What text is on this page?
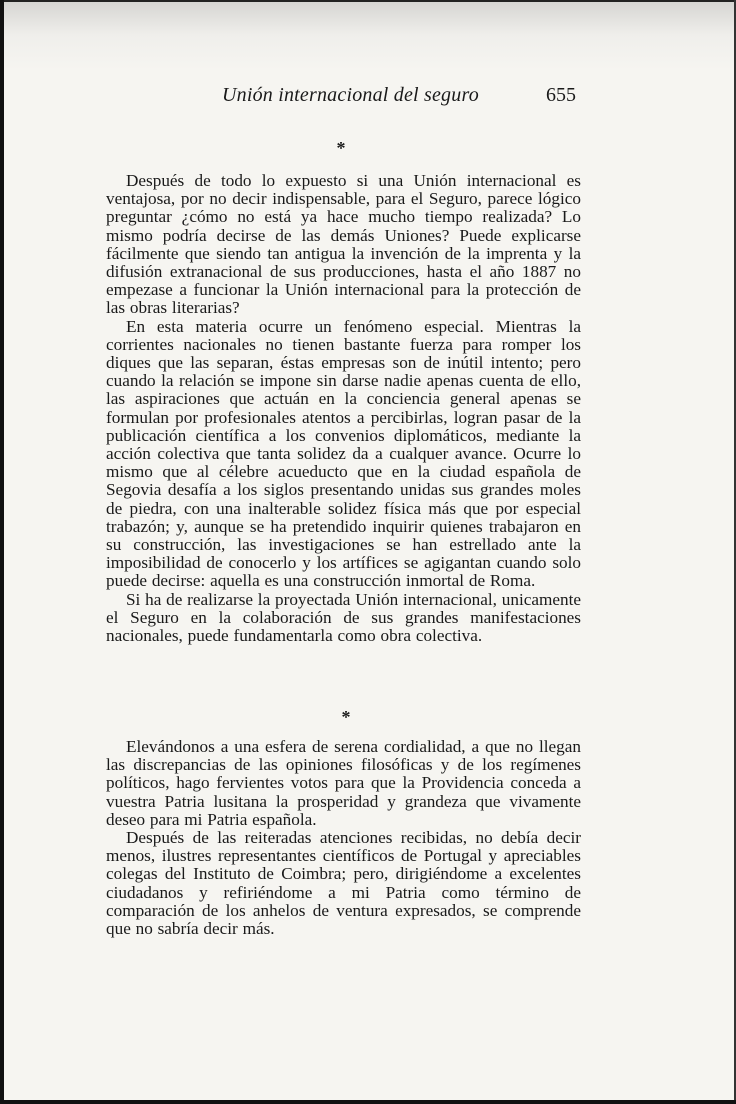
Unión internacional del seguro	655
*

Después de todo lo expuesto si una Unión internacional es ventajosa, por no decir indispensable, para el Seguro, parece lógico preguntar ¿cómo no está ya hace mucho tiempo realizada? Lo mismo podría decirse de las demás Uniones? Puede explicarse fácilmente que siendo tan antigua la invención de la imprenta y la difusión extranacional de sus producciones, hasta el año 1887 no empezase a funcionar la Unión internacional para la protección de las obras literarias?

En esta materia ocurre un fenómeno especial. Mientras la corrientes nacionales no tienen bastante fuerza para romper los diques que las separan, éstas empresas son de inútil intento; pero cuando la relación se impone sin darse nadie apenas cuenta de ello, las aspiraciones que actuán en la conciencia general apenas se formulan por profesionales atentos a percibirlas, logran pasar de la publicación científica a los convenios diplomáticos, mediante la acción colectiva que tanta solidez da a cualquer avance. Ocurre lo mismo que al célebre acueducto que en la ciudad española de Segovia desafía a los siglos presentando unidas sus grandes moles de piedra, con una inalterable solidez física más que por especial trabazón; y, aunque se ha pretendido inquirir quienes trabajaron en su construcción, las investigaciones se han estrellado ante la imposibilidad de conocerlo y los artífices se agigantan cuando solo puede decirse: aquella es una construcción inmortal de Roma.

Si ha de realizarse la proyectada Unión internacional, unicamente el Seguro en la colaboración de sus grandes manifestaciones nacionales, puede fundamentarla como obra colectiva.

*

Elevándonos a una esfera de serena cordialidad, a que no llegan las discrepancias de las opiniones filosóficas y de los regímenes políticos, hago fervientes votos para que la Providencia conceda a vuestra Patria lusitana la prosperidad y grandeza que vivamente deseo para mi Patria española.

Después de las reiteradas atenciones recibidas, no debía decir menos, ilustres representantes científicos de Portugal y apreciables colegas del Instituto de Coimbra; pero, dirigiéndome a excelentes ciudadanos y refiriéndome a mi Patria como término de comparación de los anhelos de ventura expresados, se comprende que no sabría decir más.
